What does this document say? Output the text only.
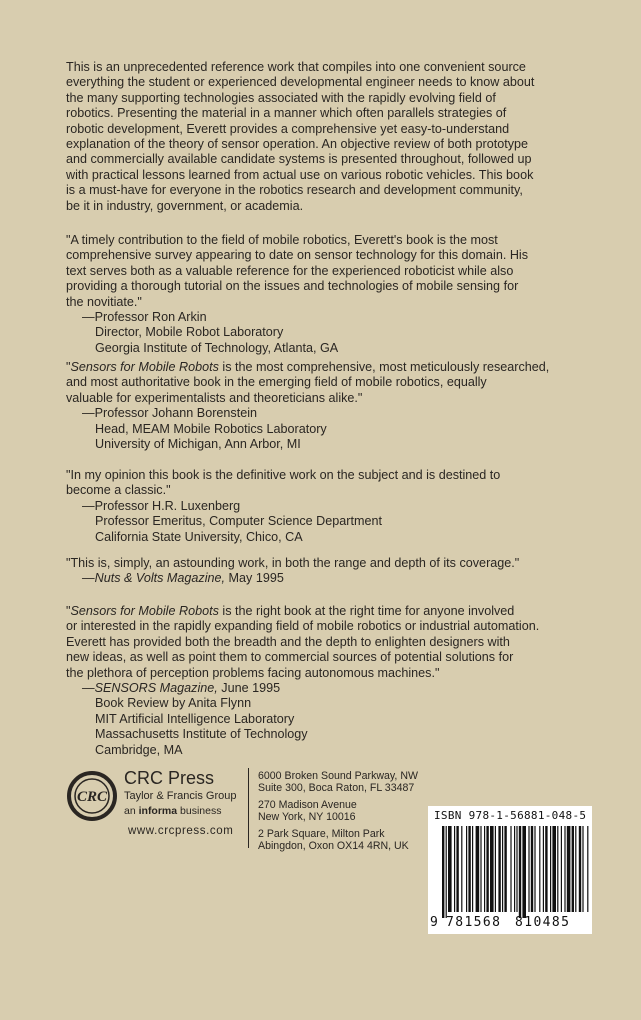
This is an unprecedented reference work that compiles into one convenient source
everything the student or experienced developmental engineer needs to know about
the many supporting technologies associated with the rapidly evolving field of
robotics. Presenting the material in a manner which often parallels strategies of
robotic development, Everett provides a comprehensive yet easy-to-understand
explanation of the theory of sensor operation. An objective review of both prototype
and commercially available candidate systems is presented throughout, followed up
with practical lessons learned from actual use on various robotic vehicles. This book
is a must-have for everyone in the robotics research and development community,
be it in industry, government, or academia.
"A timely contribution to the field of mobile robotics, Everett's book is the most
comprehensive survey appearing to date on sensor technology for this domain. His
text serves both as a valuable reference for the experienced roboticist while also
providing a thorough tutorial on the issues and technologies of mobile sensing for
the novitiate."
—Professor Ron Arkin
Director, Mobile Robot Laboratory
Georgia Institute of Technology, Atlanta, GA
"Sensors for Mobile Robots is the most comprehensive, most meticulously researched,
and most authoritative book in the emerging field of mobile robotics, equally
valuable for experimentalists and theoreticians alike."
—Professor Johann Borenstein
Head, MEAM Mobile Robotics Laboratory
University of Michigan, Ann Arbor, MI
"In my opinion this book is the definitive work on the subject and is destined to
become a classic."
—Professor H.R. Luxenberg
Professor Emeritus, Computer Science Department
California State University, Chico, CA
"This is, simply, an astounding work, in both the range and depth of its coverage."
—Nuts & Volts Magazine, May 1995
"Sensors for Mobile Robots is the right book at the right time for anyone involved
or interested in the rapidly expanding field of mobile robotics or industrial automation.
Everett has provided both the breadth and the depth to enlighten designers with
new ideas, as well as point them to commercial sources of potential solutions for
the plethora of perception problems facing autonomous machines."
—SENSORS Magazine, June 1995
Book Review by Anita Flynn
MIT Artificial Intelligence Laboratory
Massachusetts Institute of Technology
Cambridge, MA
CRC
CRC Press
Taylor & Francis Group
an informa business
www.crcpress.com
6000 Broken Sound Parkway, NW
Suite 300, Boca Raton, FL 33487
270 Madison Avenue
New York, NY 10016
2 Park Square, Milton Park
Abingdon, Oxon OX14 4RN, UK
ISBN 978-1-56881-048-5
9 781568 810485
